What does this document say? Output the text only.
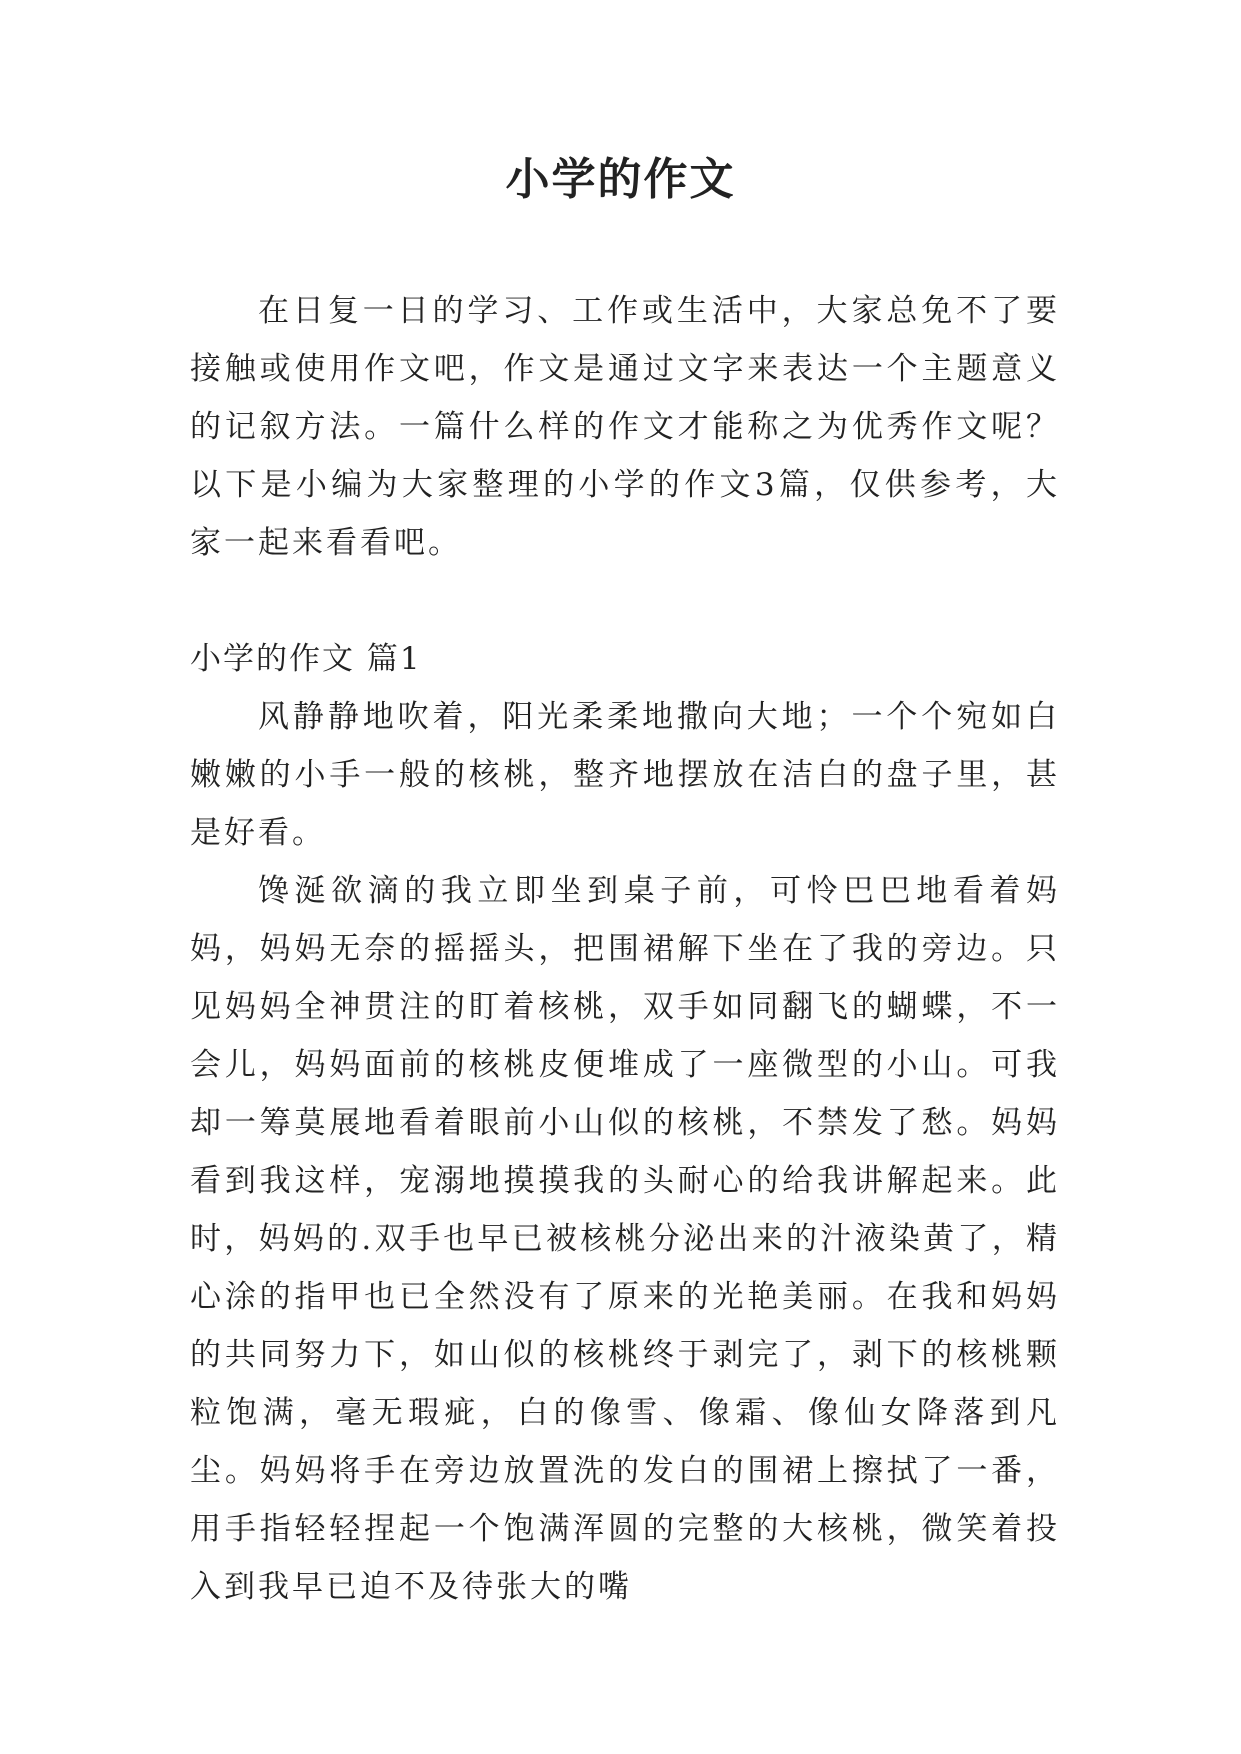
小学的作文

在日复一日的学习、工作或生活中，大家总免不了要接触或使用作文吧，作文是通过文字来表达一个主题意义的记叙方法。一篇什么样的作文才能称之为优秀作文呢？以下是小编为大家整理的小学的作文3篇，仅供参考，大家一起来看看吧。

小学的作文 篇1

风静静地吹着，阳光柔柔地撒向大地；一个个宛如白嫩嫩的小手一般的核桃，整齐地摆放在洁白的盘子里，甚是好看。

馋涎欲滴的我立即坐到桌子前，可怜巴巴地看着妈妈，妈妈无奈的摇摇头，把围裙解下坐在了我的旁边。只见妈妈全神贯注的盯着核桃，双手如同翻飞的蝴蝶，不一会儿，妈妈面前的核桃皮便堆成了一座微型的小山。可我却一筹莫展地看着眼前小山似的核桃，不禁发了愁。妈妈看到我这样，宠溺地摸摸我的头耐心的给我讲解起来。此时，妈妈的.双手也早已被核桃分泌出来的汁液染黄了，精心涂的指甲也已全然没有了原来的光艳美丽。在我和妈妈的共同努力下，如山似的核桃终于剥完了，剥下的核桃颗粒饱满，毫无瑕疵，白的像雪、像霜、像仙女降落到凡尘。妈妈将手在旁边放置洗的发白的围裙上擦拭了一番，用手指轻轻捏起一个饱满浑圆的完整的大核桃，微笑着投入到我早已迫不及待张大的嘴
